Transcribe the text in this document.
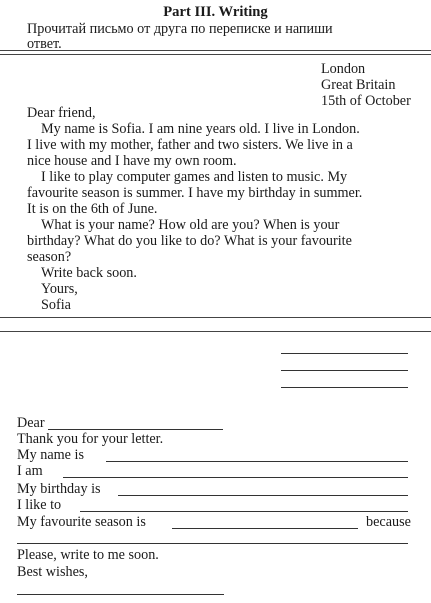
Part III. Writing
Прочитай письмо от друга по переписке и напиши
ответ.
London
Great Britain
15th of October
Dear friend,
My name is Sofia. I am nine years old. I live in London.
I live with my mother, father and two sisters. We live in a
nice house and I have my own room.
I like to play computer games and listen to music. My
favourite season is summer. I have my birthday in summer.
It is on the 6th of June.
What is your name? How old are you? When is your
birthday? What do you like to do? What is your favourite
season?
Write back soon.
Yours,
Sofia
Dear
Thank you for your letter.
My name is
I am
My birthday is
I like to
My favourite season is	because
Please, write to me soon.
Best wishes,
